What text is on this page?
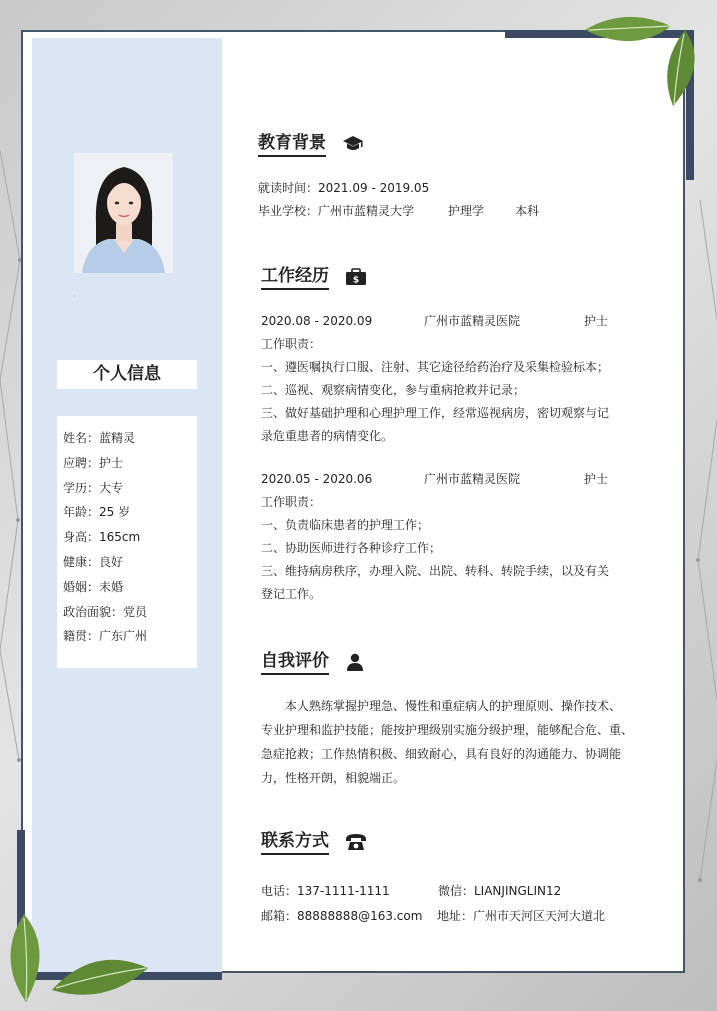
·
个人信息
姓名：蓝精灵
应聘：护士
学历：大专
年龄：25 岁
身高：165cm
健康：良好
婚姻：未婚
政治面貌：党员
籍贯：广东广州
教育背景
就读时间：2021.09 - 2019.05
毕业学校：广州市蓝精灵大学	护理学	本科
工作经历	$
2020.08 - 2020.09	广州市蓝精灵医院	护士
工作职责：
一、遵医嘱执行口服、注射、其它途径给药治疗及采集检验标本；
二、巡视、观察病情变化，参与重病抢救并记录；
三、做好基础护理和心理护理工作，经常巡视病房，密切观察与记
录危重患者的病情变化。
2020.05 - 2020.06	广州市蓝精灵医院	护士
工作职责：
一、负责临床患者的护理工作；
二、协助医师进行各种诊疗工作；
三、维持病房秩序，办理入院、出院、转科、转院手续，以及有关
登记工作。
自我评价
本人熟练掌握护理急、慢性和重症病人的护理原则、操作技术、
专业护理和监护技能；能按护理级别实施分级护理，能够配合危、重、
急症抢救；工作热情积极、细致耐心，具有良好的沟通能力、协调能
力，性格开朗，相貌端正。
联系方式
电话：137-1111-1111	微信：LIANJINGLIN12
邮箱：88888888@163.com 地址：广州市天河区天河大道北
